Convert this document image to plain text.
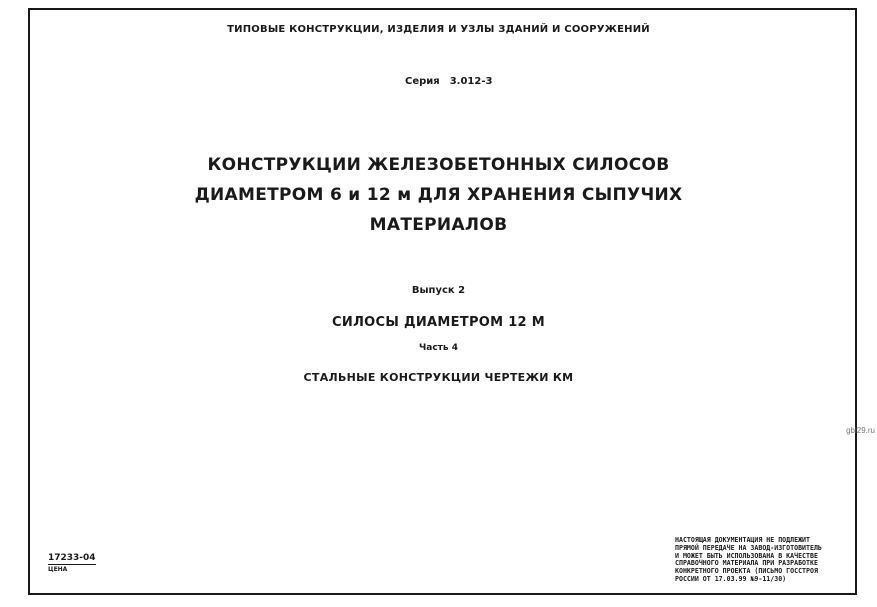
ТИПОВЫЕ КОНСТРУКЦИИ, ИЗДЕЛИЯ И УЗЛЫ ЗДАНИЙ И СООРУЖЕНИЙ
Серия 3.012-3
КОНСТРУКЦИИ ЖЕЛЕЗОБЕТОННЫХ СИЛОСОВ
ДИАМЕТРОМ 6 и 12 м ДЛЯ ХРАНЕНИЯ СЫПУЧИХ
МАТЕРИАЛОВ
Выпуск 2
СИЛОСЫ ДИАМЕТРОМ 12 М
Часть 4
СТАЛЬНЫЕ КОНСТРУКЦИИ ЧЕРТЕЖИ КМ
gbi29.ru
17233-04
ЦЕНА
НАСТОЯЩАЯ ДОКУМЕНТАЦИЯ НЕ ПОДЛЕЖИТ
ПРЯМОЙ ПЕРЕДАЧЕ НА ЗАВОД-ИЗГОТОВИТЕЛЬ
И МОЖЕТ БЫТЬ ИСПОЛЬЗОВАНА В КАЧЕСТВЕ
СПРАВОЧНОГО МАТЕРИАЛА ПРИ РАЗРАБОТКЕ
КОНКРЕТНОГО ПРОЕКТА (ПИСЬМО ГОССТРОЯ
РОССИИ ОТ 17.03.99 №9-11/30)
